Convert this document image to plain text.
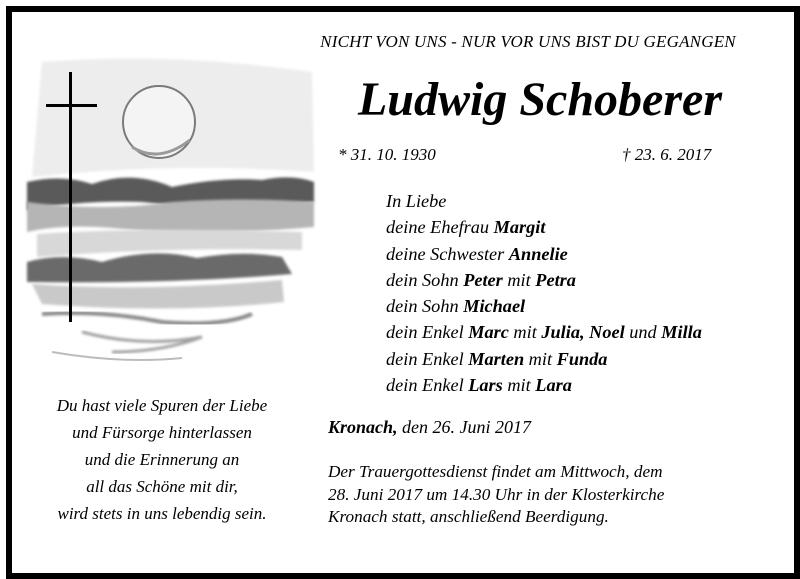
NICHT VON UNS - NUR VOR UNS BIST DU GEGANGEN
Ludwig Schoberer
* 31. 10. 1930	† 23. 6. 2017
In Liebe
deine Ehefrau Margit
deine Schwester Annelie
dein Sohn Peter mit Petra
dein Sohn Michael
dein Enkel Marc mit Julia, Noel und Milla
dein Enkel Marten mit Funda
dein Enkel Lars mit Lara
Kronach, den 26. Juni 2017
Der Trauergottesdienst findet am Mittwoch, dem
28. Juni 2017 um 14.30 Uhr in der Klosterkirche
Kronach statt, anschließend Beerdigung.
Du hast viele Spuren der Liebe
und Fürsorge hinterlassen
und die Erinnerung an
all das Schöne mit dir,
wird stets in uns lebendig sein.
